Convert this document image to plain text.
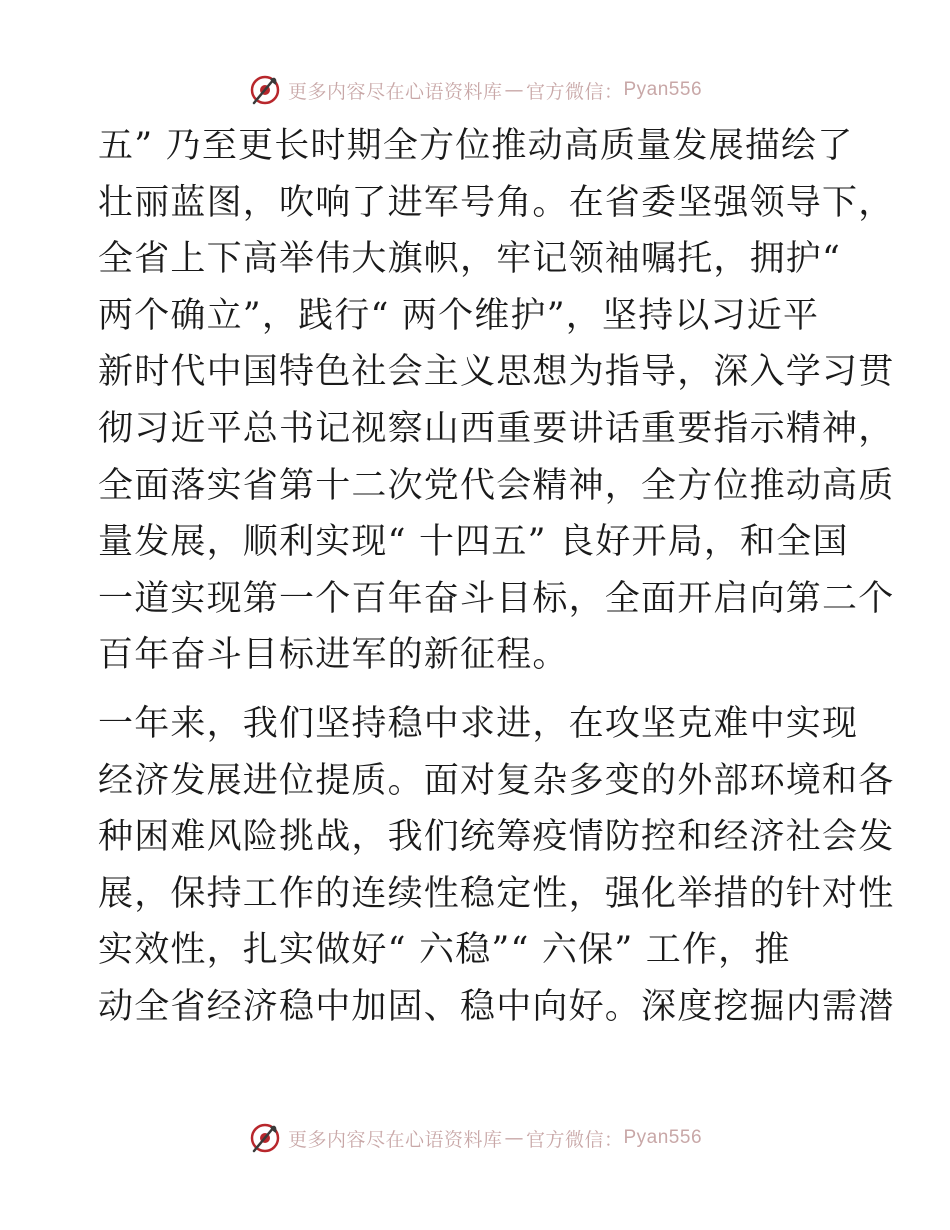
更多内容尽在心语资料库 — 官方微信： Pyan556

五” 乃至更长时期全方位推动高质量发展描绘了
壮丽蓝图，吹响了进军号角。在省委坚强领导下，
全省上下高举伟大旗帜，牢记领袖嘱托，拥护“
两个确立”，践行“ 两个维护”，坚持以习近平
新时代中国特色社会主义思想为指导，深入学习贯
彻习近平总书记视察山西重要讲话重要指示精神，
全面落实省第十二次党代会精神，全方位推动高质
量发展，顺利实现“ 十四五” 良好开局，和全国
一道实现第一个百年奋斗目标，全面开启向第二个
百年奋斗目标进军的新征程。

一年来，我们坚持稳中求进，在攻坚克难中实现
经济发展进位提质。面对复杂多变的外部环境和各
种困难风险挑战，我们统筹疫情防控和经济社会发
展，保持工作的连续性稳定性，强化举措的针对性
实效性，扎实做好“ 六稳”“ 六保” 工作，推
动全省经济稳中加固、稳中向好。深度挖掘内需潜

更多内容尽在心语资料库 — 官方微信： Pyan556
